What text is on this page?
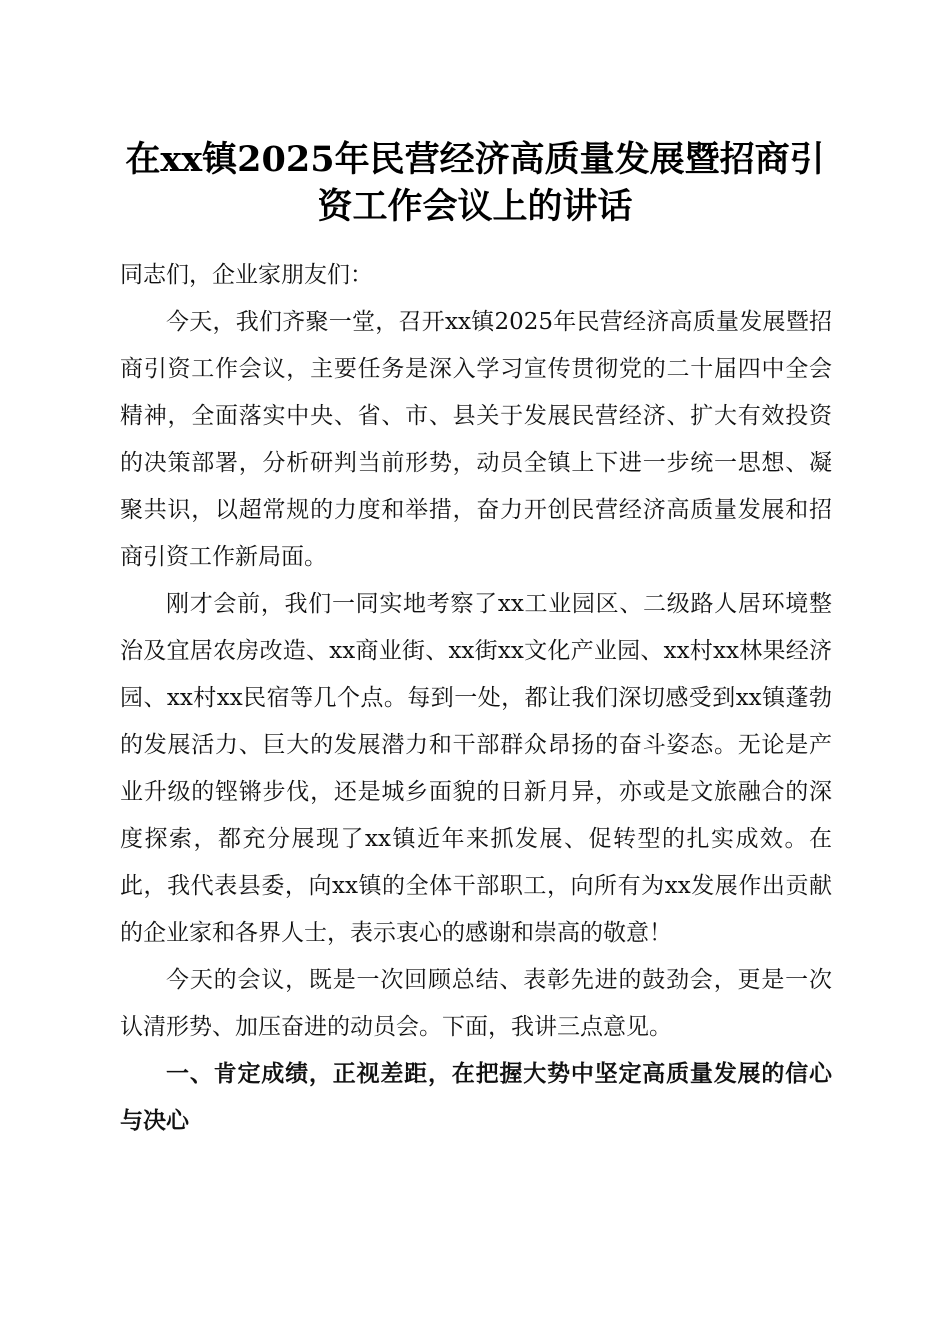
在xx镇2025年民营经济高质量发展暨招商引
资工作会议上的讲话

同志们，企业家朋友们：

今天，我们齐聚一堂，召开xx镇2025年民营经济高质量发展暨招商引资工作会议，主要任务是深入学习宣传贯彻党的二十届四中全会精神，全面落实中央、省、市、县关于发展民营经济、扩大有效投资的决策部署，分析研判当前形势，动员全镇上下进一步统一思想、凝聚共识，以超常规的力度和举措，奋力开创民营经济高质量发展和招商引资工作新局面。

刚才会前，我们一同实地考察了xx工业园区、二级路人居环境整治及宜居农房改造、xx商业街、xx街xx文化产业园、xx村xx林果经济园、xx村xx民宿等几个点。每到一处，都让我们深切感受到xx镇蓬勃的发展活力、巨大的发展潜力和干部群众昂扬的奋斗姿态。无论是产业升级的铿锵步伐，还是城乡面貌的日新月异，亦或是文旅融合的深度探索，都充分展现了xx镇近年来抓发展、促转型的扎实成效。在此，我代表县委，向xx镇的全体干部职工，向所有为xx发展作出贡献的企业家和各界人士，表示衷心的感谢和崇高的敬意！

今天的会议，既是一次回顾总结、表彰先进的鼓劲会，更是一次认清形势、加压奋进的动员会。下面，我讲三点意见。

一、肯定成绩，正视差距，在把握大势中坚定高质量发展的信心与决心
